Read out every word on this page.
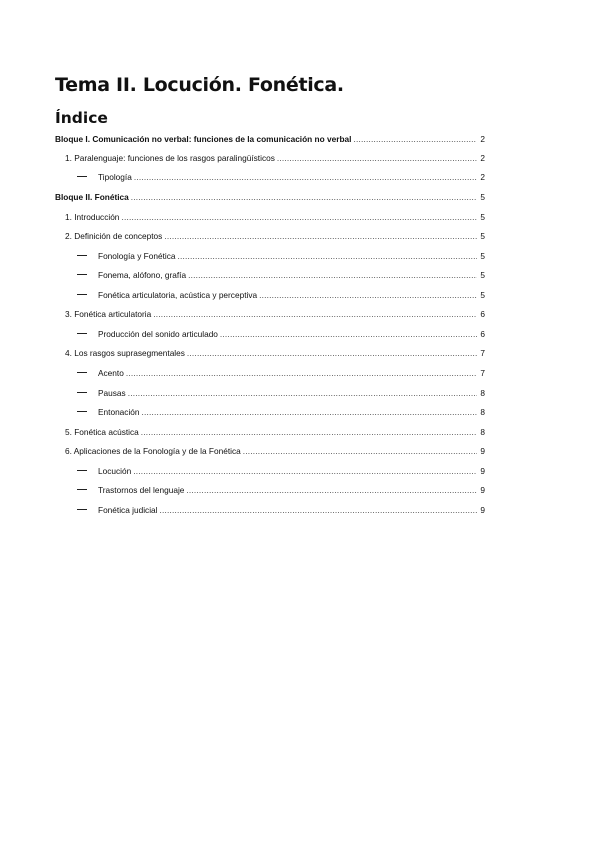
Tema II. Locución. Fonética.
Índice
Bloque I. Comunicación no verbal: funciones de la comunicación no verbal .....	2
1. Paralenguaje: funciones de los rasgos paralingüísticos .....	2
Tipología .....	2
Bloque II. Fonética .....	5
1. Introducción .....	5
2. Definición de conceptos .....	5
Fonología y Fonética .....	5
Fonema, alófono, grafía .....	5
Fonética articulatoria, acústica y perceptiva .....	5
3. Fonética articulatoria .....	6
Producción del sonido articulado .....	6
4. Los rasgos suprasegmentales .....	7
Acento .....	7
Pausas .....	8
Entonación .....	8
5. Fonética acústica .....	8
6. Aplicaciones de la Fonología y de la Fonética .....	9
Locución .....	9
Trastornos del lenguaje .....	9
Fonética judicial .....	9
